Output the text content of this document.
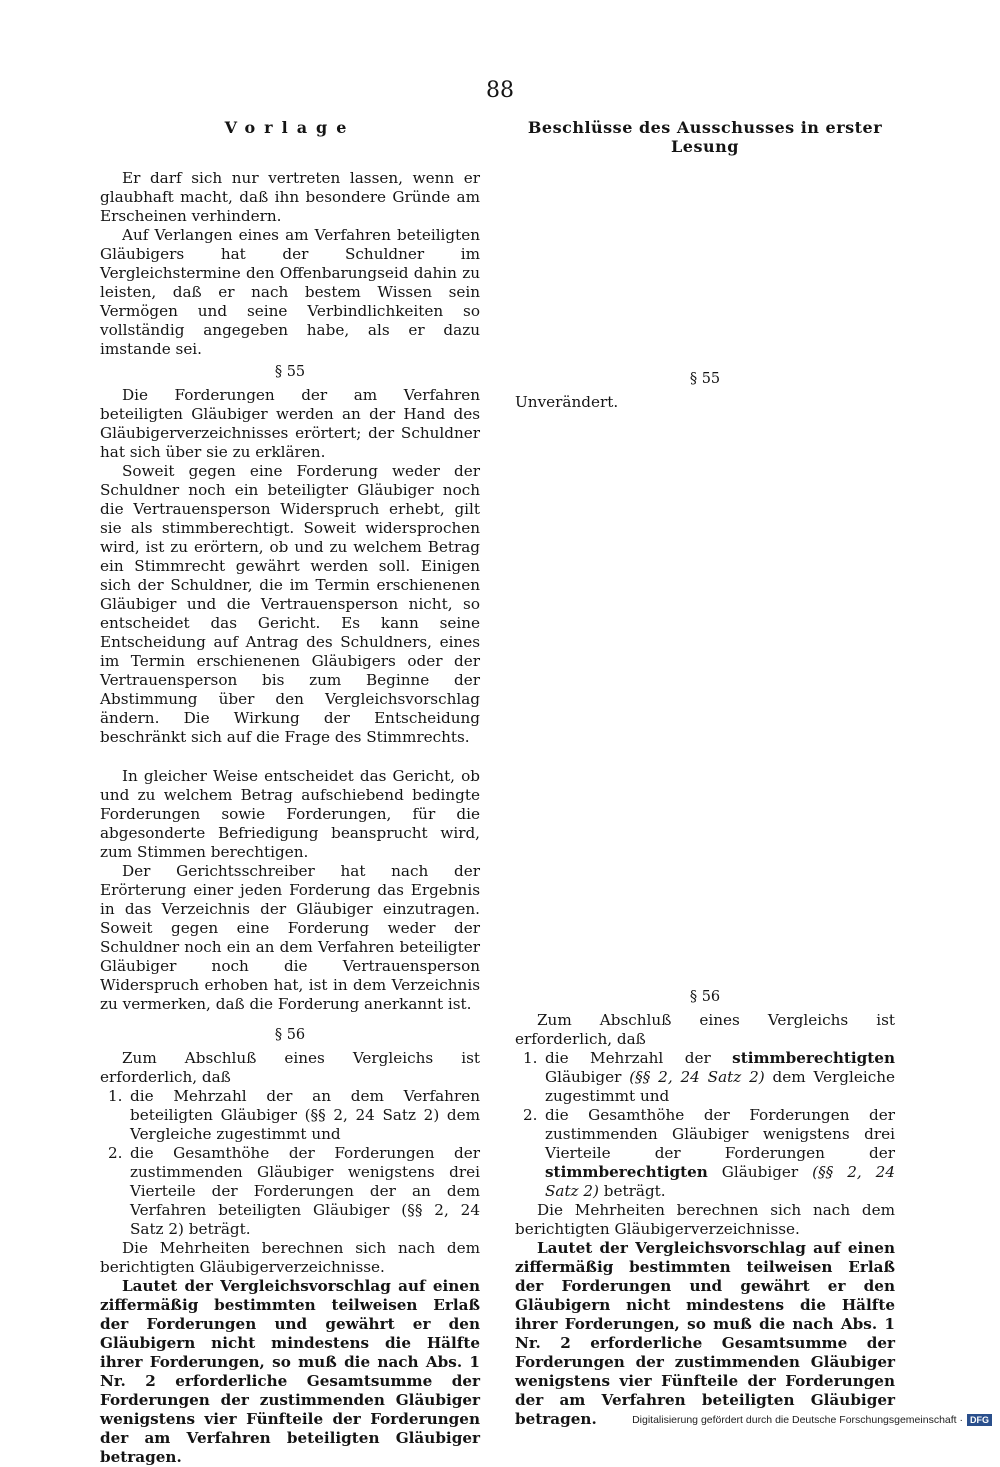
88
Vorlage

Er darf sich nur vertreten lassen, wenn er glaubhaft macht, daß ihn besondere Gründe am Erscheinen verhindern.

Auf Verlangen eines am Verfahren beteiligten Gläubigers hat der Schuldner im Vergleichstermine den Offenbarungseid dahin zu leisten, daß er nach bestem Wissen sein Vermögen und seine Verbindlichkeiten so vollständig angegeben habe, als er dazu imstande sei.

§ 55

Die Forderungen der am Verfahren beteiligten Gläubiger werden an der Hand des Gläubigerverzeichnisses erörtert; der Schuldner hat sich über sie zu erklären.

Soweit gegen eine Forderung weder der Schuldner noch ein beteiligter Gläubiger noch die Vertrauensperson Widerspruch erhebt, gilt sie als stimmberechtigt. Soweit widersprochen wird, ist zu erörtern, ob und zu welchem Betrag ein Stimmrecht gewährt werden soll. Einigen sich der Schuldner, die im Termin erschienenen Gläubiger und die Vertrauensperson nicht, so entscheidet das Gericht. Es kann seine Entscheidung auf Antrag des Schuldners, eines im Termin erschienenen Gläubigers oder der Vertrauensperson bis zum Beginne der Abstimmung über den Vergleichsvorschlag ändern. Die Wirkung der Entscheidung beschränkt sich auf die Frage des Stimmrechts.

In gleicher Weise entscheidet das Gericht, ob und zu welchem Betrag aufschiebend bedingte Forderungen sowie Forderungen, für die abgesonderte Befriedigung beansprucht wird, zum Stimmen berechtigen.

Der Gerichtsschreiber hat nach der Erörterung einer jeden Forderung das Ergebnis in das Verzeichnis der Gläubiger einzutragen. Soweit gegen eine Forderung weder der Schuldner noch ein an dem Verfahren beteiligter Gläubiger noch die Vertrauensperson Widerspruch erhoben hat, ist in dem Verzeichnis zu vermerken, daß die Forderung anerkannt ist.

§ 56

Zum Abschluß eines Vergleichs ist erforderlich, daß

1. die Mehrzahl der an dem Verfahren beteiligten Gläubiger (§§ 2, 24 Satz 2) dem Vergleiche zugestimmt und
2. die Gesamthöhe der Forderungen der zustimmenden Gläubiger wenigstens drei Vierteile der Forderungen der an dem Verfahren beteiligten Gläubiger (§§ 2, 24 Satz 2) beträgt.

Die Mehrheiten berechnen sich nach dem berichtigten Gläubigerverzeichnisse.

Lautet der Vergleichsvorschlag auf einen ziffermäßig bestimmten teilweisen Erlaß der Forderungen und gewährt er den Gläubigern nicht mindestens die Hälfte ihrer Forderungen, so muß die nach Abs. 1 Nr. 2 erforderliche Gesamtsumme der Forderungen der zustimmenden Gläubiger wenigstens vier Fünfteile der Forderungen der am Verfahren beteiligten Gläubiger betragen.

Beschlüsse des Ausschusses in erster Lesung
§ 55

Unverändert.

§ 56

Zum Abschluß eines Vergleichs ist erforderlich, daß

1. die Mehrzahl der stimmberechtigten Gläubiger (§§ 2, 24 Satz 2) dem Vergleiche zugestimmt und
2. die Gesamthöhe der Forderungen der zustimmenden Gläubiger wenigstens drei Vierteile der Forderungen der stimmberechtigten Gläubiger (§§ 2, 24 Satz 2) beträgt.

Die Mehrheiten berechnen sich nach dem berichtigten Gläubigerverzeichnisse.

Lautet der Vergleichsvorschlag auf einen ziffermäßig bestimmten teilweisen Erlaß der Forderungen und gewährt er den Gläubigern nicht mindestens die Hälfte ihrer Forderungen, so muß die nach Abs. 1 Nr. 2 erforderliche Gesamtsumme der Forderungen der zustimmenden Gläubiger wenigstens vier Fünfteile der Forderungen der am Verfahren beteiligten Gläubiger betragen.	Digitalisierung gefördert durch die Deutsche Forschungsgemeinschaft · DFG
